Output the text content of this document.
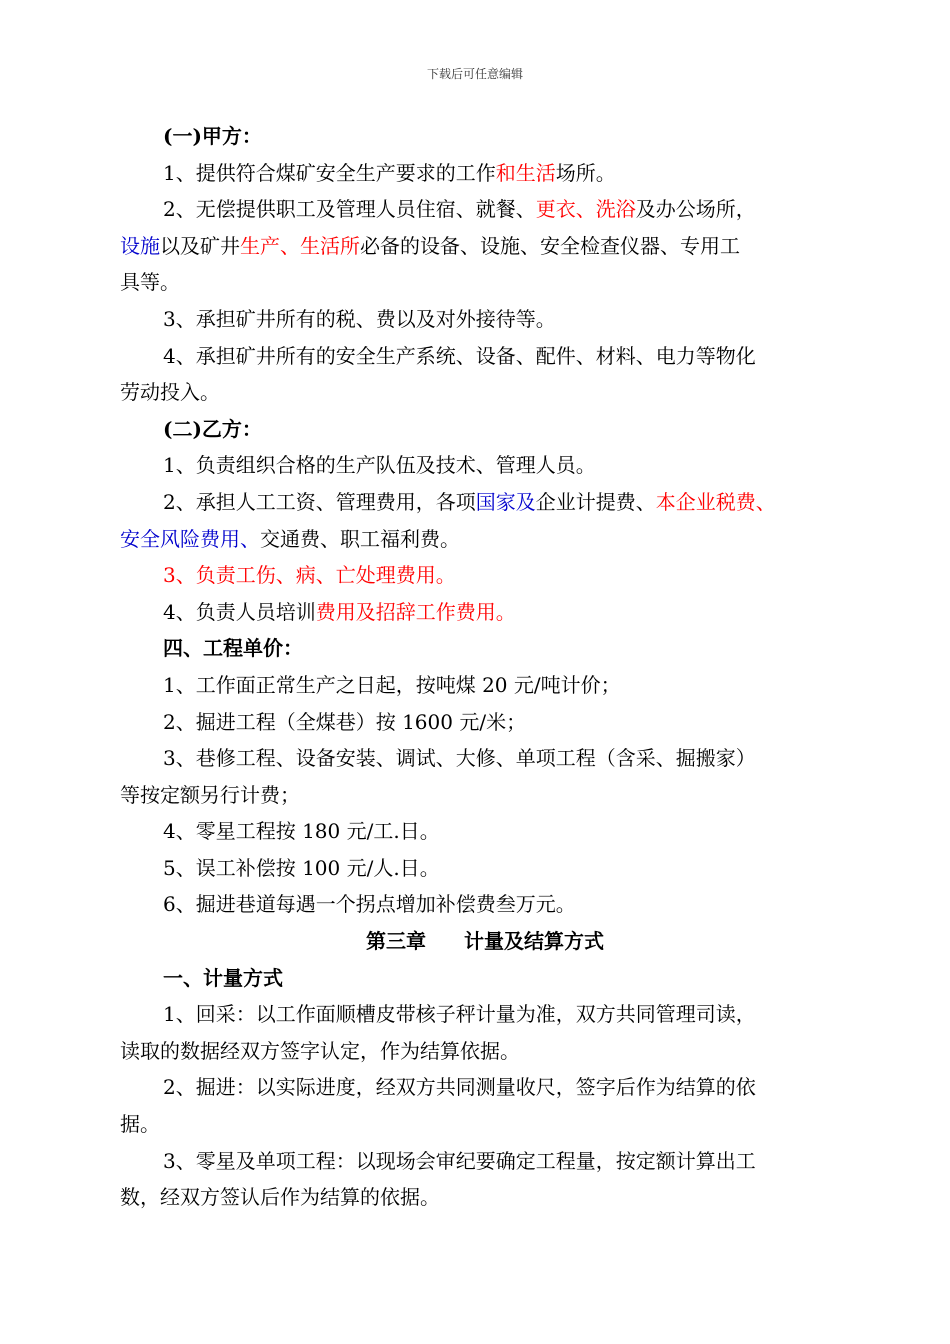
下载后可任意编辑

(一)甲方：

1、提供符合煤矿安全生产要求的工作和生活场所。

2、无偿提供职工及管理人员住宿、就餐、更衣、洗浴及办公场所，

设施以及矿井生产、生活所必备的设备、设施、安全检查仪器、专用工

具等。

3、承担矿井所有的税、费以及对外接待等。

4、承担矿井所有的安全生产系统、设备、配件、材料、电力等物化

劳动投入。

(二)乙方：

1、负责组织合格的生产队伍及技术、管理人员。

2、承担人工工资、管理费用，各项国家及企业计提费、本企业税费、

安全风险费用、交通费、职工福利费。

3、负责工伤、病、亡处理费用。

4、负责人员培训费用及招辞工作费用。

四、工程单价：

1、工作面正常生产之日起，按吨煤 20 元/吨计价；

2、掘进工程（全煤巷）按 1600 元/米；

3、巷修工程、设备安装、调试、大修、单项工程（含采、掘搬家）

等按定额另行计费；

4、零星工程按 180 元/工.日。

5、误工补偿按 100 元/人.日。

6、掘进巷道每遇一个拐点增加补偿费叁万元。

第三章 计量及结算方式

一、计量方式

1、回采：以工作面顺槽皮带核子秤计量为准，双方共同管理司读，

读取的数据经双方签字认定，作为结算依据。

2、掘进：以实际进度，经双方共同测量收尺，签字后作为结算的依

据。

3、零星及单项工程：以现场会审纪要确定工程量，按定额计算出工

数，经双方签认后作为结算的依据。
